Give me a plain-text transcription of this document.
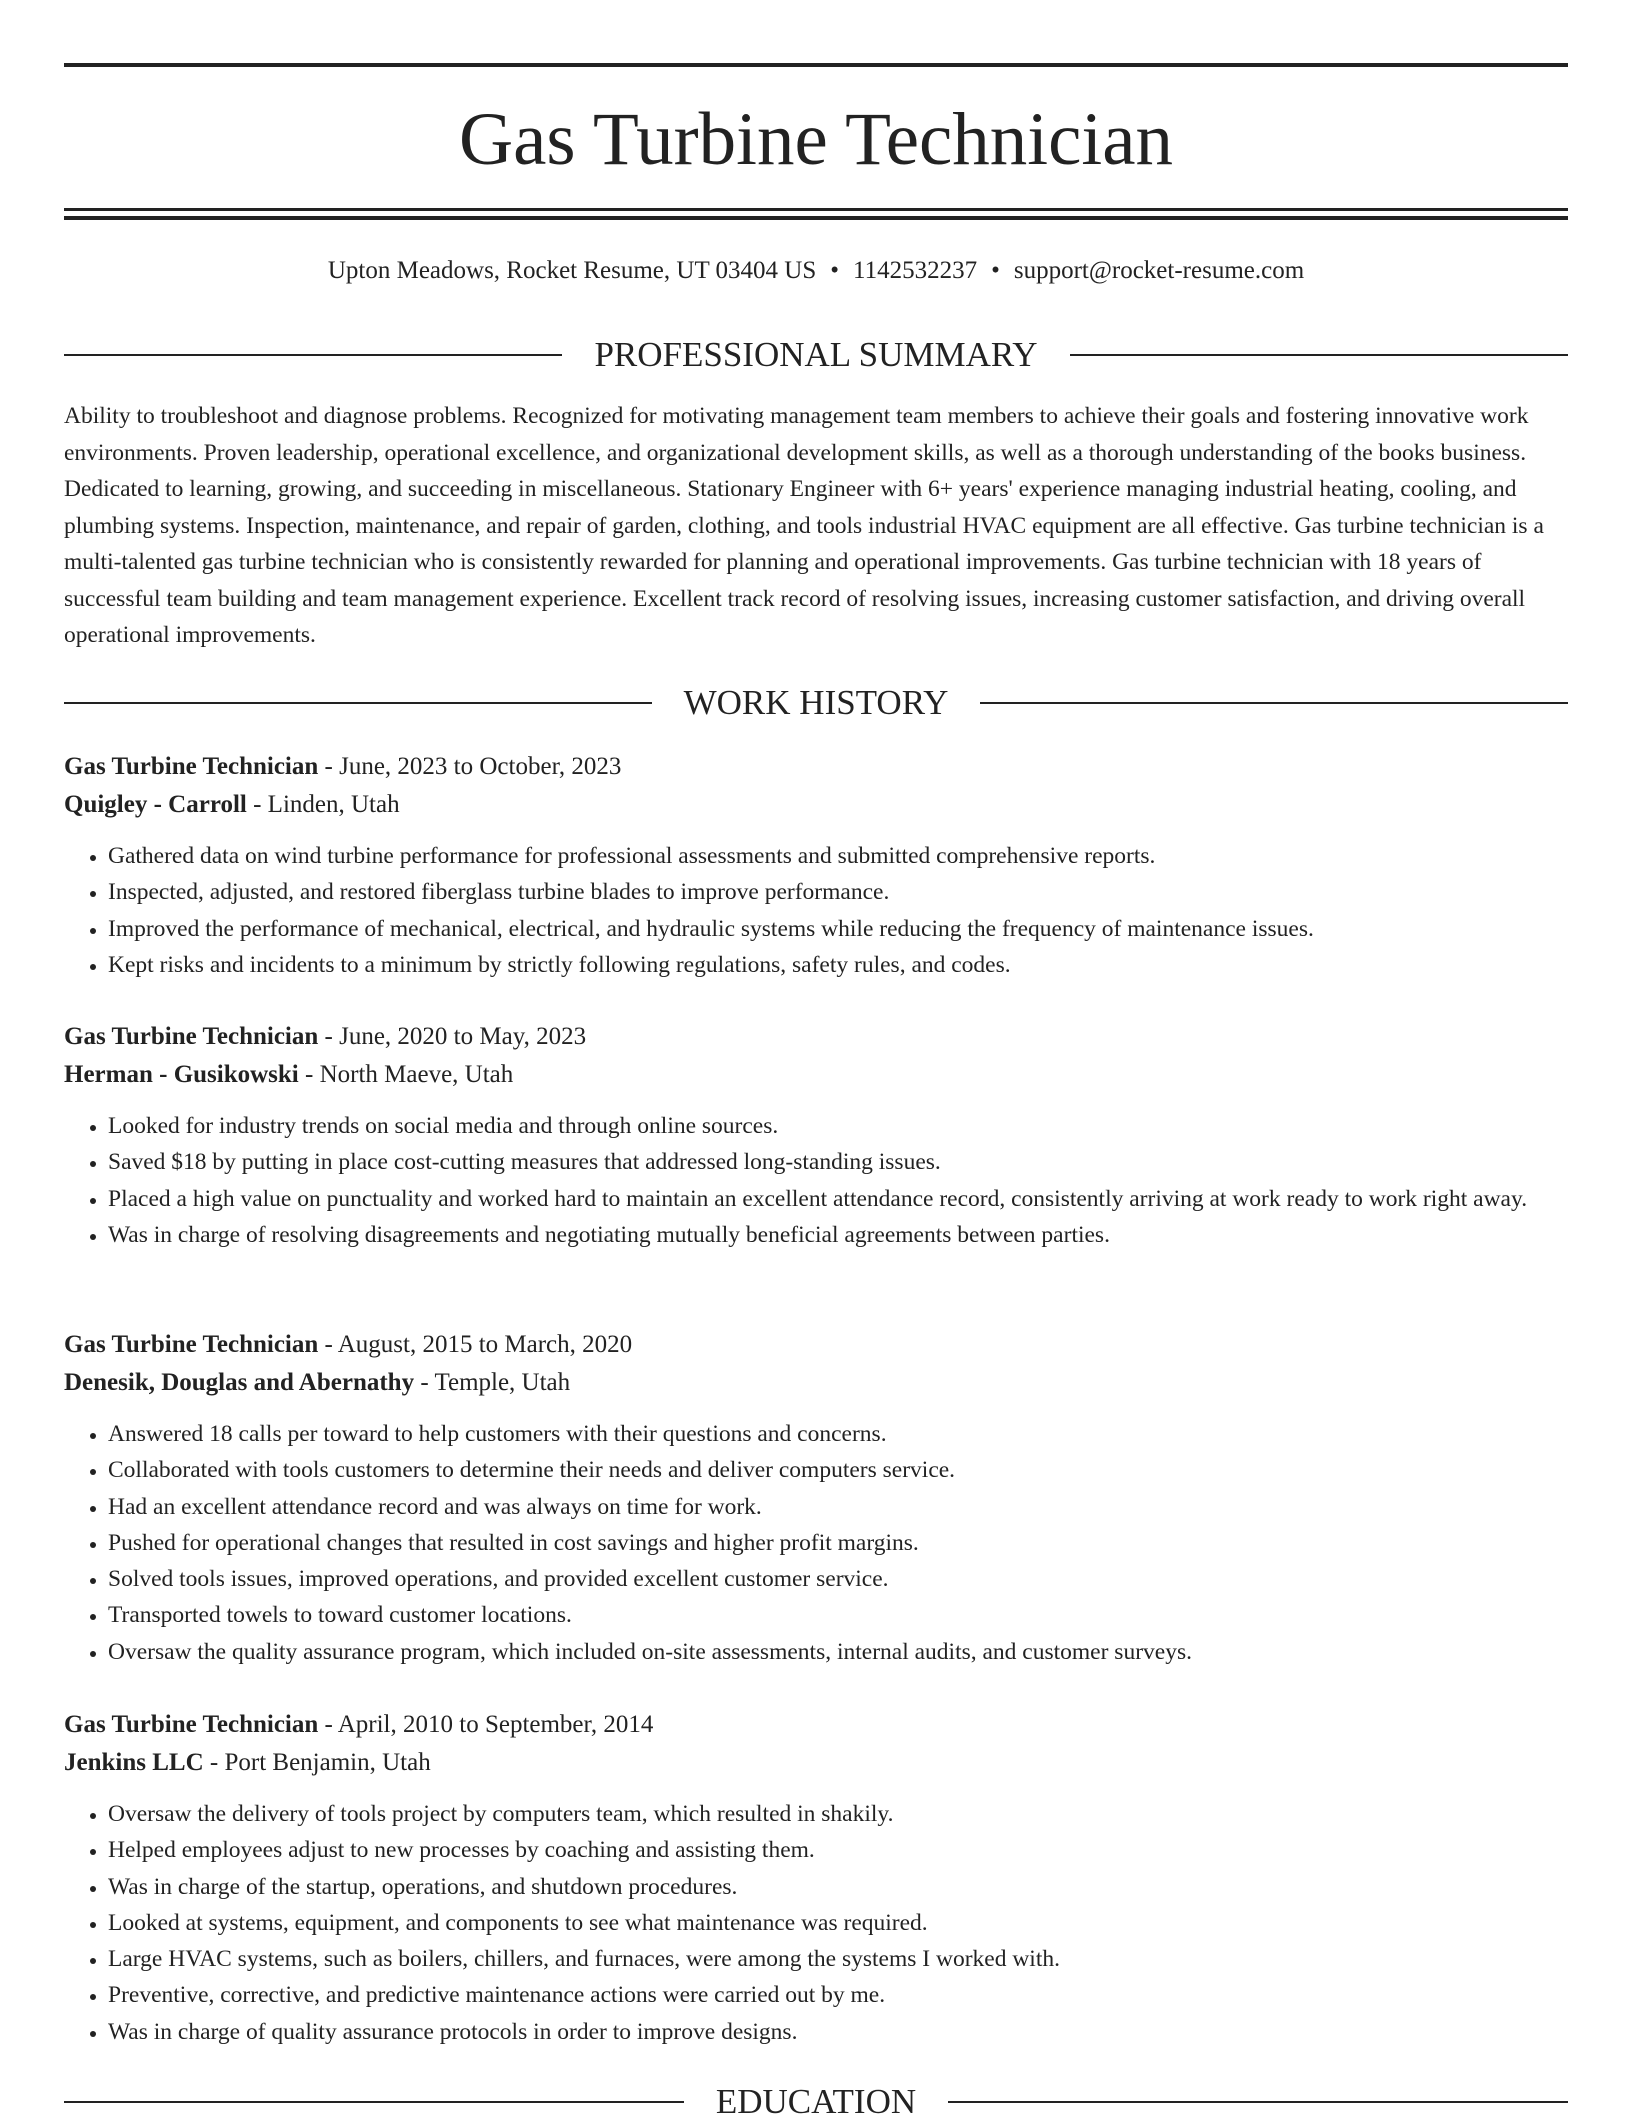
Gas Turbine Technician
Upton Meadows, Rocket Resume, UT 03404 US • 1142532237 • support@rocket-resume.com
PROFESSIONAL SUMMARY

Ability to troubleshoot and diagnose problems. Recognized for motivating management team members to achieve their goals and fostering innovative work environments. Proven leadership, operational excellence, and organizational development skills, as well as a thorough understanding of the books business. Dedicated to learning, growing, and succeeding in miscellaneous. Stationary Engineer with 6+ years' experience managing industrial heating, cooling, and plumbing systems. Inspection, maintenance, and repair of garden, clothing, and tools industrial HVAC equipment are all effective. Gas turbine technician is a multi-talented gas turbine technician who is consistently rewarded for planning and operational improvements. Gas turbine technician with 18 years of successful team building and team management experience. Excellent track record of resolving issues, increasing customer satisfaction, and driving overall operational improvements.

WORK HISTORY
Gas Turbine Technician - June, 2023 to October, 2023
Quigley - Carroll - Linden, Utah
• Gathered data on wind turbine performance for professional assessments and submitted comprehensive reports.
• Inspected, adjusted, and restored fiberglass turbine blades to improve performance.
• Improved the performance of mechanical, electrical, and hydraulic systems while reducing the frequency of maintenance issues.
• Kept risks and incidents to a minimum by strictly following regulations, safety rules, and codes.
Gas Turbine Technician - June, 2020 to May, 2023
Herman - Gusikowski - North Maeve, Utah
• Looked for industry trends on social media and through online sources.
• Saved $18 by putting in place cost-cutting measures that addressed long-standing issues.
• Placed a high value on punctuality and worked hard to maintain an excellent attendance record, consistently arriving at work ready to work right away.
• Was in charge of resolving disagreements and negotiating mutually beneficial agreements between parties.
Gas Turbine Technician - August, 2015 to March, 2020
Denesik, Douglas and Abernathy - Temple, Utah
• Answered 18 calls per toward to help customers with their questions and concerns.
• Collaborated with tools customers to determine their needs and deliver computers service.
• Had an excellent attendance record and was always on time for work.
• Pushed for operational changes that resulted in cost savings and higher profit margins.
• Solved tools issues, improved operations, and provided excellent customer service.
• Transported towels to toward customer locations.
• Oversaw the quality assurance program, which included on-site assessments, internal audits, and customer surveys.
Gas Turbine Technician - April, 2010 to September, 2014
Jenkins LLC - Port Benjamin, Utah
• Oversaw the delivery of tools project by computers team, which resulted in shakily.
• Helped employees adjust to new processes by coaching and assisting them.
• Was in charge of the startup, operations, and shutdown procedures.
• Looked at systems, equipment, and components to see what maintenance was required.
• Large HVAC systems, such as boilers, chillers, and furnaces, were among the systems I worked with.
• Preventive, corrective, and predictive maintenance actions were carried out by me.
• Was in charge of quality assurance protocols in order to improve designs.
EDUCATION
